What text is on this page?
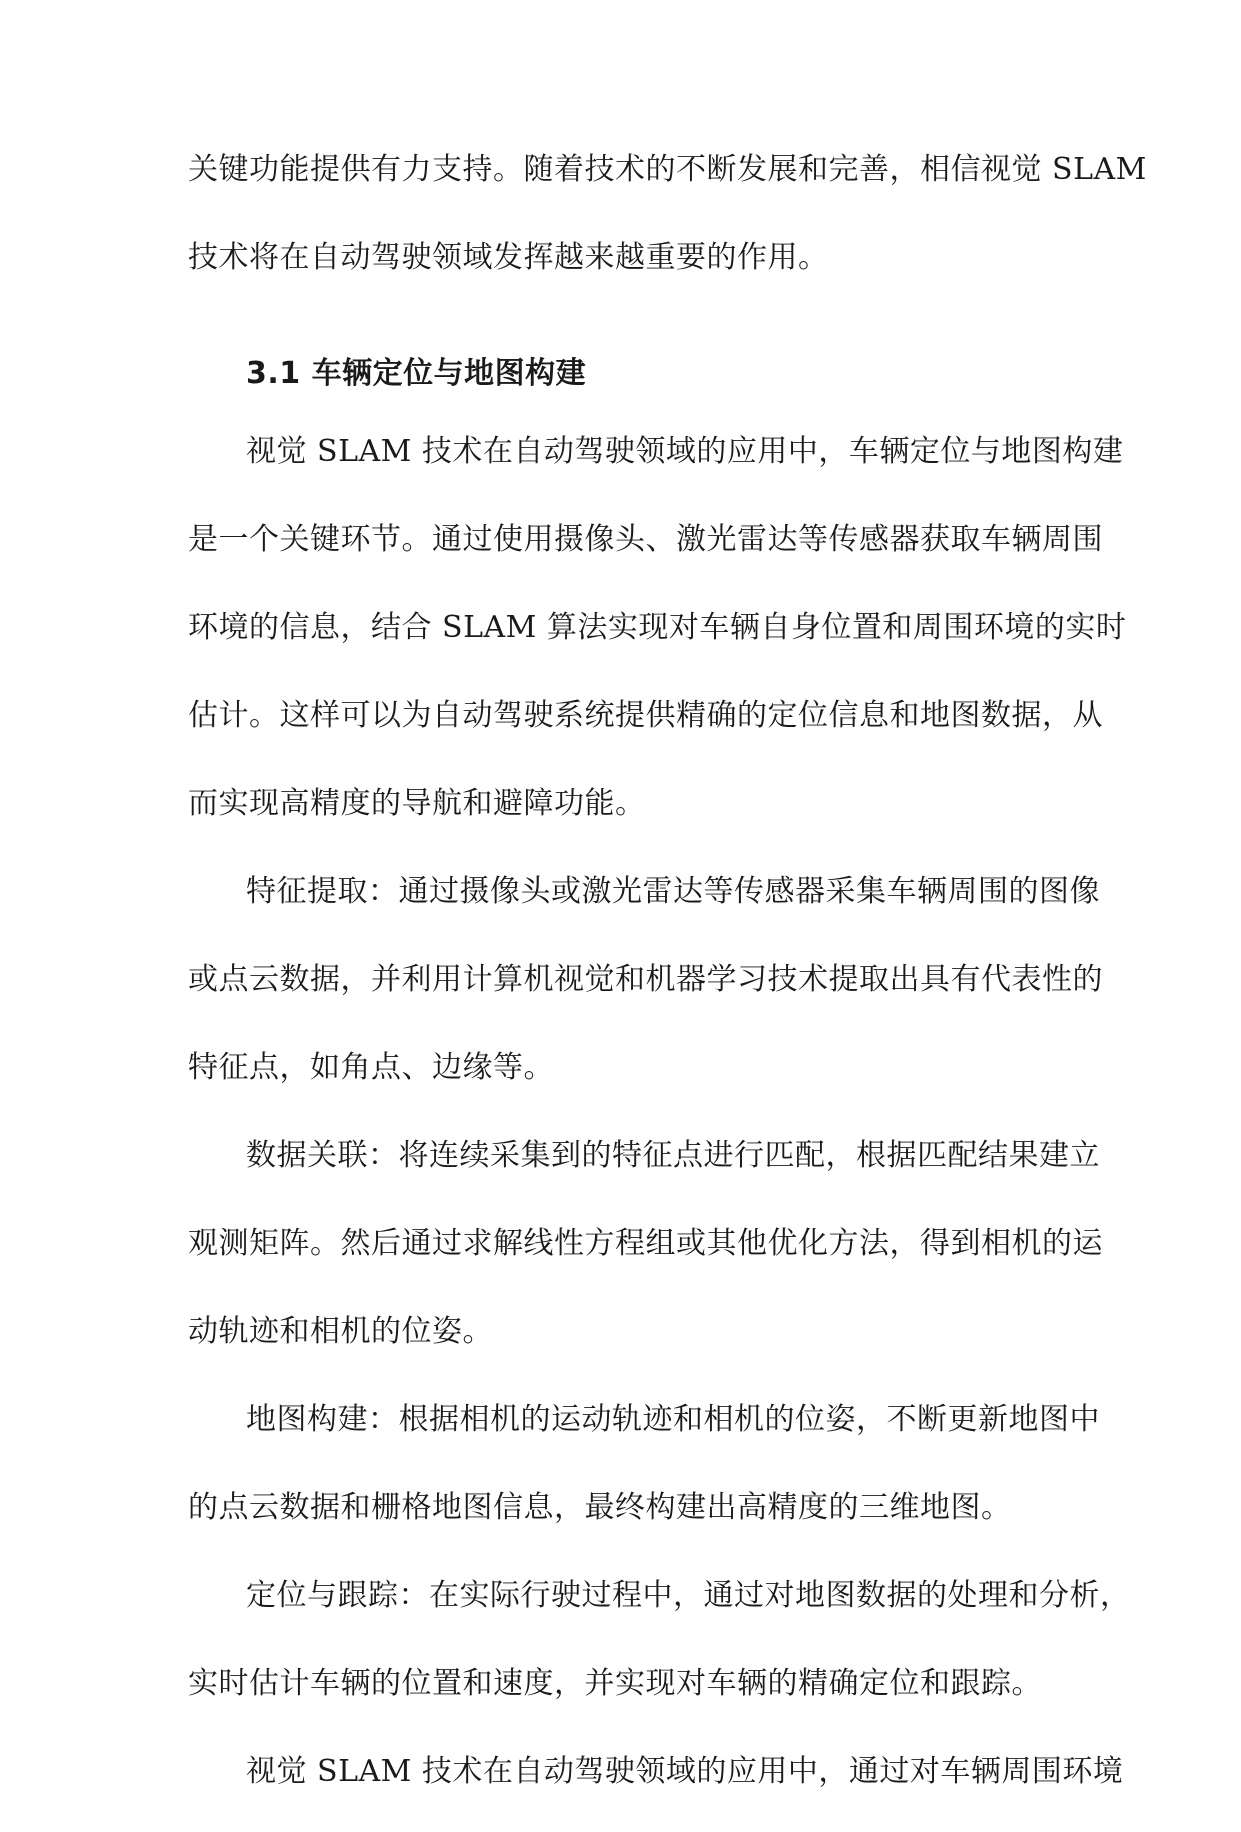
关键功能提供有力支持。随着技术的不断发展和完善，相信视觉 SLAM
技术将在自动驾驶领域发挥越来越重要的作用。
3.1 车辆定位与地图构建
视觉 SLAM 技术在自动驾驶领域的应用中，车辆定位与地图构建
是一个关键环节。通过使用摄像头、激光雷达等传感器获取车辆周围
环境的信息，结合 SLAM 算法实现对车辆自身位置和周围环境的实时
估计。这样可以为自动驾驶系统提供精确的定位信息和地图数据，从
而实现高精度的导航和避障功能。
特征提取：通过摄像头或激光雷达等传感器采集车辆周围的图像
或点云数据，并利用计算机视觉和机器学习技术提取出具有代表性的
特征点，如角点、边缘等。
数据关联：将连续采集到的特征点进行匹配，根据匹配结果建立
观测矩阵。然后通过求解线性方程组或其他优化方法，得到相机的运
动轨迹和相机的位姿。
地图构建：根据相机的运动轨迹和相机的位姿，不断更新地图中
的点云数据和栅格地图信息，最终构建出高精度的三维地图。
定位与跟踪：在实际行驶过程中，通过对地图数据的处理和分析，
实时估计车辆的位置和速度，并实现对车辆的精确定位和跟踪。
视觉 SLAM 技术在自动驾驶领域的应用中，通过对车辆周围环境
